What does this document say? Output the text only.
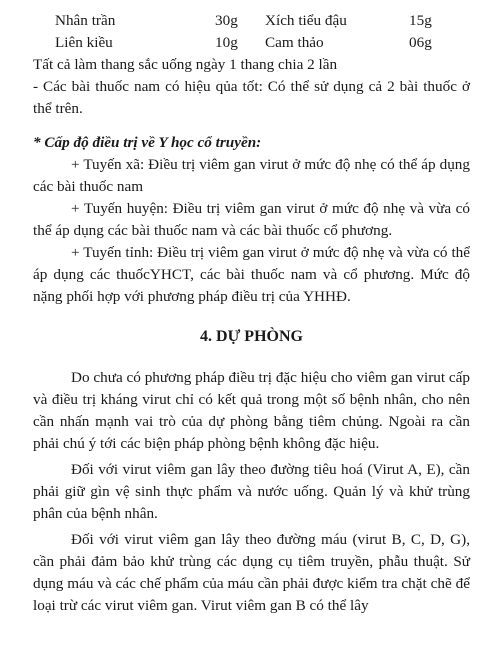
Nhân trần	30g Xích tiểu đậu	15g
Liên kiều	10g Cam thảo	06g

Tất cả làm thang sắc uống ngày 1 thang chia 2 lần

- Các bài thuốc nam có hiệu qủa tốt: Có thể sử dụng cả 2 bài thuốc ở thể trên.

* Cấp độ điều trị về Y học cổ truyền:

+ Tuyến xã: Điều trị viêm gan virut ở mức độ nhẹ có thể áp dụng các bài thuốc nam

+ Tuyến huyện: Điều trị viêm gan virut ở mức độ nhẹ và vừa có thể áp dụng các bài thuốc nam và các bài thuốc cổ phương.

+ Tuyến tỉnh: Điều trị viêm gan virut ở mức độ nhẹ và vừa có thể áp dụng các thuốcYHCT, các bài thuốc nam và cổ phương. Mức độ nặng phối hợp với phương pháp điều trị của YHHĐ.

4. DỰ PHÒNG

Do chưa có phương pháp điều trị đặc hiệu cho viêm gan virut cấp và điều trị kháng virut chỉ có kết quả trong một số bệnh nhân, cho nên cần nhấn mạnh vai trò của dự phòng bằng tiêm chủng. Ngoài ra cần phải chú ý tới các biện pháp phòng bệnh không đặc hiệu.

Đối với virut viêm gan lây theo đường tiêu hoá (Virut A, E), cần phải giữ gìn vệ sinh thực phẩm và nước uống. Quản lý và khử trùng phân của bệnh nhân.

Đối với virut viêm gan lây theo đường máu (virut B, C, D, G), cần phải đảm bảo khử trùng các dụng cụ tiêm truyền, phẫu thuật. Sử dụng máu và các chế phẩm của máu cần phải được kiểm tra chặt chẽ để loại trừ các virut viêm gan. Virut viêm gan B có thể lây
